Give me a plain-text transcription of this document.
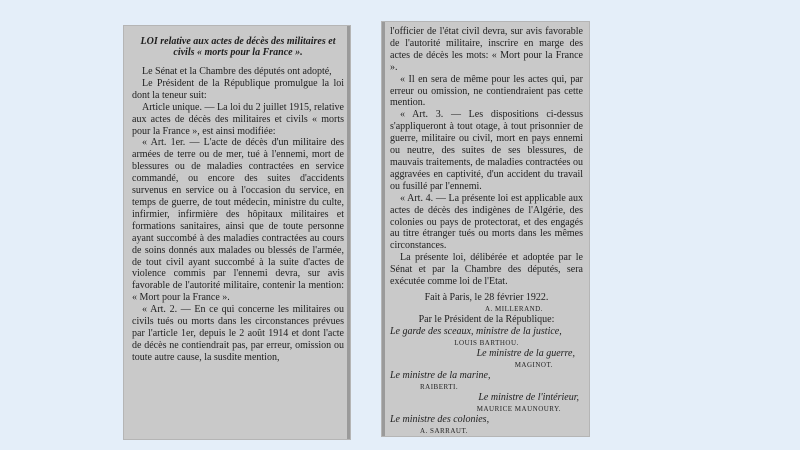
LOI relative aux actes de décès des militaires et civils « morts pour la France ».

Le Sénat et la Chambre des députés ont adopté,

Le Président de la République promulgue la loi dont la teneur suit:

Article unique. — La loi du 2 juillet 1915, relative aux actes de décès des militaires et civils « morts pour la France », est ainsi modifiée:

« Art. 1er. — L'acte de décès d'un militaire des armées de terre ou de mer, tué à l'ennemi, mort de blessures ou de maladies contractées en service commandé, ou encore des suites d'accidents survenus en service ou à l'occasion du service, en temps de guerre, de tout médecin, ministre du culte, infirmier, infirmière des hôpitaux militaires et formations sanitaires, ainsi que de toute personne ayant succombé à des maladies contractées au cours de soins donnés aux malades ou blessés de l'armée, de tout civil ayant succombé à la suite d'actes de violence commis par l'ennemi devra, sur avis favorable de l'autorité militaire, contenir la mention: « Mort pour la France ».

« Art. 2. — En ce qui concerne les militaires ou civils tués ou morts dans les circonstances prévues par l'article 1er, depuis le 2 août 1914 et dont l'acte de décès ne contiendrait pas, par erreur, omission ou toute autre cause, la susdite mention,

l'officier de l'état civil devra, sur avis favorable de l'autorité militaire, inscrire en marge des actes de décès les mots: « Mort pour la France ».

« Il en sera de même pour les actes qui, par erreur ou omission, ne contiendraient pas cette mention.

« Art. 3. — Les dispositions ci-dessus s'appliqueront à tout otage, à tout prisonnier de guerre, militaire ou civil, mort en pays ennemi ou neutre, des suites de ses blessures, de mauvais traitements, de maladies contractées ou aggravées en captivité, d'un accident du travail ou fusillé par l'ennemi.

« Art. 4. — La présente loi est applicable aux actes de décès des indigènes de l'Algérie, des colonies ou pays de protectorat, et des engagés au titre étranger tués ou morts dans les mêmes circonstances.

La présente loi, délibérée et adoptée par le Sénat et par la Chambre des députés, sera exécutée comme loi de l'Etat.

Fait à Paris, le 28 février 1922.

A. MILLERAND.

Par le Président de la République:

Le garde des sceaux, ministre de la justice,

LOUIS BARTHOU.

Le ministre de la guerre,

MAGINOT.

Le ministre de la marine,

RAIBERTI.

Le ministre de l'intérieur,

MAURICE MAUNOURY.

Le ministre des colonies,

A. SARRAUT.
